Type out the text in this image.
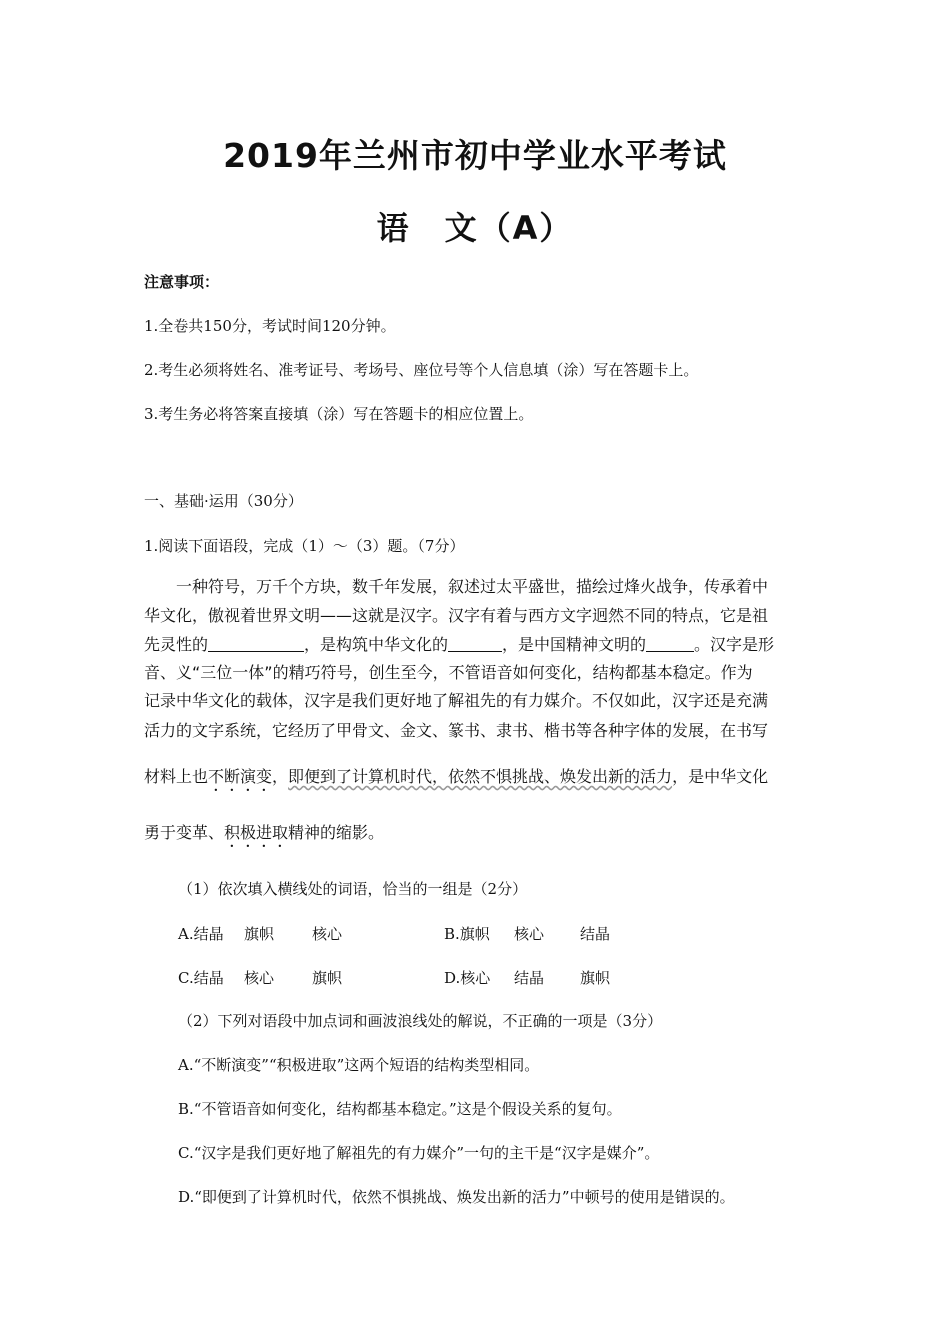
2019年兰州市初中学业水平考试
语　文（A）
注意事项：
1.全卷共150分，考试时间120分钟。
2.考生必须将姓名、准考证号、考场号、座位号等个人信息填（涂）写在答题卡上。
3.考生务必将答案直接填（涂）写在答题卡的相应位置上。
一、基础·运用（30分）
1.阅读下面语段，完成（1）～（3）题。（7分）
一种符号，万千个方块，数千年发展，叙述过太平盛世，描绘过烽火战争，传承着中
华文化，傲视着世界文明——这就是汉字。汉字有着与西方文字迥然不同的特点，它是祖
先灵性的	，是构筑中华文化的	，是中国精神文明的	。汉字是形
音、义“三位一体”的精巧符号，创生至今，不管语音如何变化，结构都基本稳定。作为
记录中华文化的载体，汉字是我们更好地了解祖先的有力媒介。不仅如此，汉字还是充满
活力的文字系统，它经历了甲骨文、金文、篆书、隶书、楷书等各种字体的发展，在书写
材料上也不断演变，即便到了计算机时代，依然不惧挑战、焕发出新的活力，是中华文化
勇于变革、积极进取精神的缩影。
（1）依次填入横线处的词语，恰当的一组是（2分）
A.结晶 旗帜	核心	B.旗帜 核心 结晶
C.结晶 核心	旗帜	D.核心 结晶 旗帜
（2）下列对语段中加点词和画波浪线处的解说，不正确的一项是（3分）
A.“不断演变”“积极进取”这两个短语的结构类型相同。
B.“不管语音如何变化，结构都基本稳定。”这是个假设关系的复句。
C.“汉字是我们更好地了解祖先的有力媒介”一句的主干是“汉字是媒介”。
D.“即便到了计算机时代，依然不惧挑战、焕发出新的活力”中顿号的使用是错误的。
